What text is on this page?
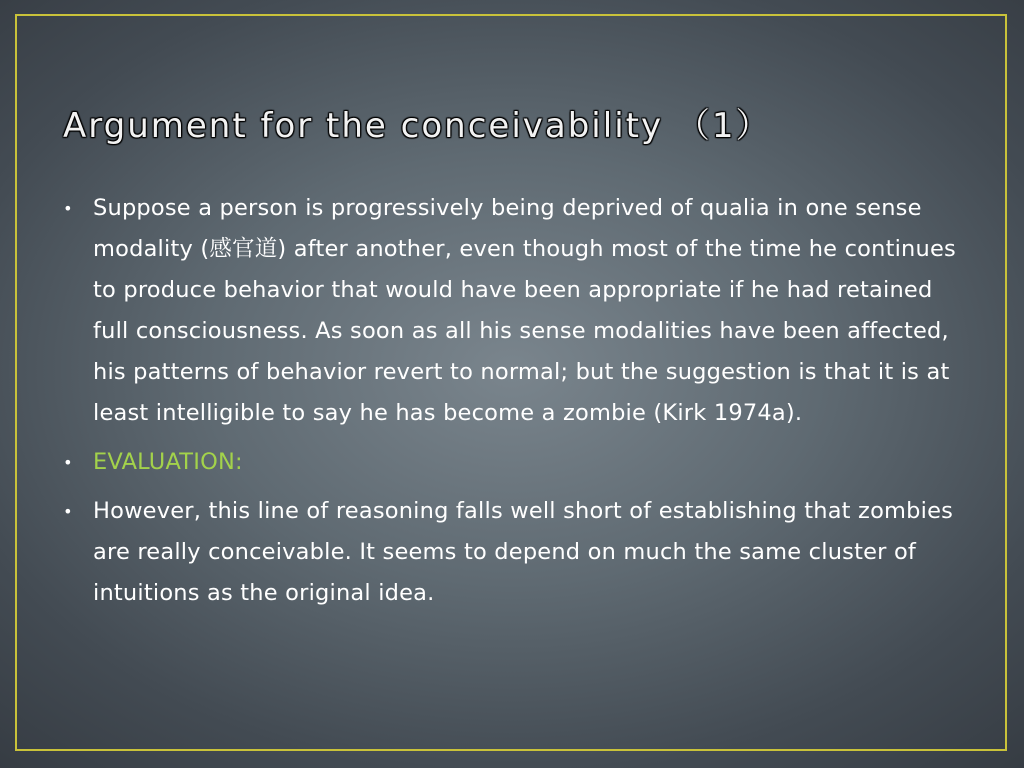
Argument for the conceivability （1）
• Suppose a person is progressively being deprived of qualia in one sense modality (感官道) after another, even though most of the time he continues to produce behavior that would have been appropriate if he had retained full consciousness. As soon as all his sense modalities have been affected, his patterns of behavior revert to normal; but the suggestion is that it is at least intelligible to say he has become a zombie (Kirk 1974a).
• EVALUATION:
• However, this line of reasoning falls well short of establishing that zombies are really conceivable. It seems to depend on much the same cluster of intuitions as the original idea.
